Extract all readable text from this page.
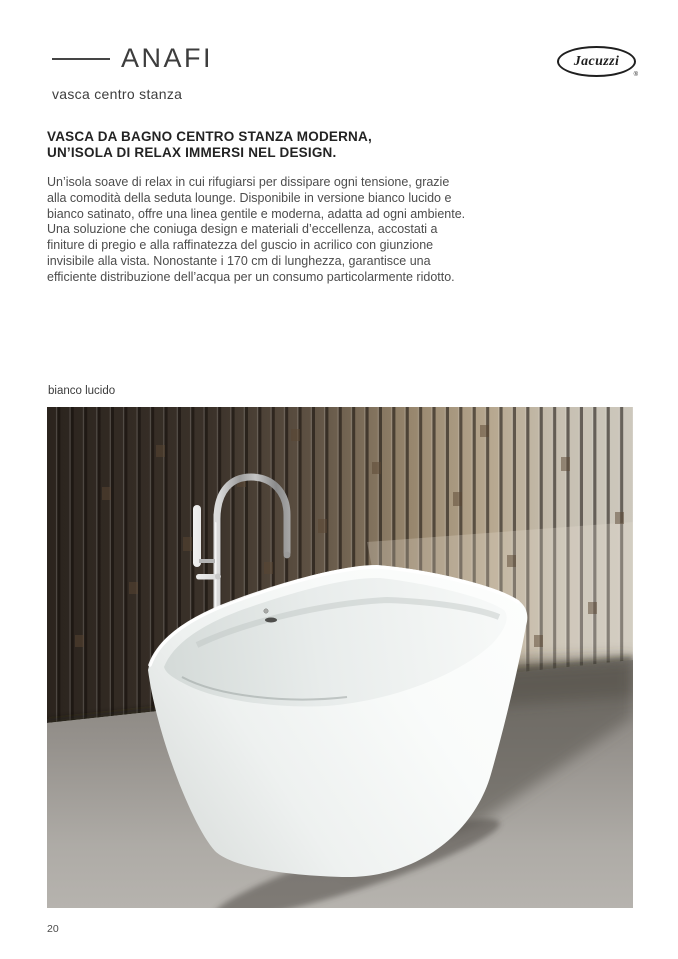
ANAFI
vasca centro stanza
Jacuzzi
®
VASCA DA BAGNO CENTRO STANZA MODERNA,
UN’ISOLA DI RELAX IMMERSI NEL DESIGN.

Un’isola soave di relax in cui rifugiarsi per dissipare ogni tensione, grazie alla comodità della seduta lounge. Disponibile in versione bianco lucido e bianco satinato, offre una linea gentile e moderna, adatta ad ogni ambiente. Una soluzione che coniuga design e materiali d’eccellenza, accostati a finiture di pregio e alla raffinatezza del guscio in acrilico con giunzione invisibile alla vista. Nonostante i 170 cm di lunghezza, garantisce una efficiente distribuzione dell’acqua per un consumo particolarmente ridotto.

bianco lucido
20
